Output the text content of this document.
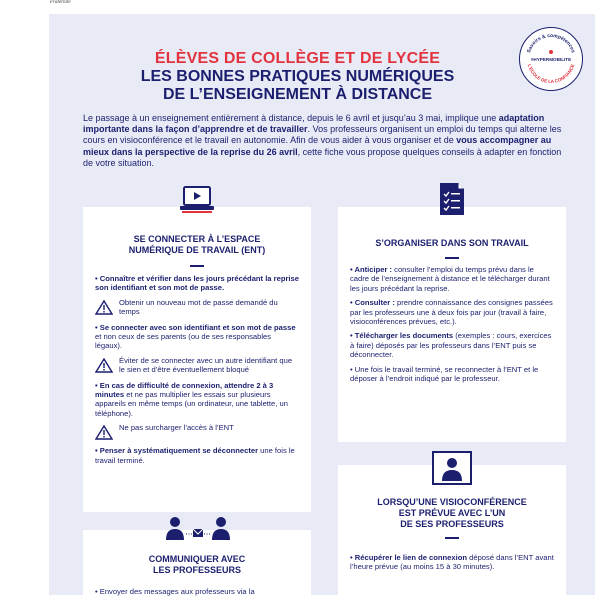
Fraternité
ÉLÈVES DE COLLÈGE ET DE LYCÉE
LES BONNES PRATIQUES NUMÉRIQUES
DE L’ENSEIGNEMENT À DISTANCE
Savoirs & compétences
L’ÉCOLE DE LA CONFIANCE
#HYPERMOBILITE
Le passage à un enseignement entièrement à distance, depuis le 6 avril et jusqu’au 3 mai, implique une adaptation importante dans la façon d’apprendre et de travailler. Vos professeurs organisent un emploi du temps qui alterne les cours en visioconférence et le travail en autonomie. Afin de vous aider à vous organiser et de vous accompagner au mieux dans la perspective de la reprise du 26 avril, cette fiche vous propose quelques conseils à adapter en fonction de votre situation.
SE CONNECTER À L’ESPACE
NUMÉRIQUE DE TRAVAIL (ENT)

• Connaître et vérifier dans les jours précédant la reprise son identifiant et son mot de passe.

Obtenir un nouveau mot de passe demandé du temps

• Se connecter avec son identifiant et son mot de passe et non ceux de ses parents (ou de ses responsables légaux).

Éviter de se connecter avec un autre identifiant que le sien et d’être éventuellement bloqué

• En cas de difficulté de connexion, attendre 2 à 3 minutes et ne pas multiplier les essais sur plusieurs appareils en même temps (un ordinateur, une tablette, un téléphone).

Ne pas surcharger l’accès à l’ENT

• Penser à systématiquement se déconnecter une fois le travail terminé.

S’ORGANISER DANS SON TRAVAIL

• Anticiper : consulter l’emploi du temps prévu dans le cadre de l’enseignement à distance et le télécharger durant les jours précédant la reprise.

• Consulter : prendre connaissance des consignes passées par les professeurs une à deux fois par jour (travail à faire, visioconférences prévues, etc.).

• Télécharger les documents (exemples : cours, exercices à faire) déposés par les professeurs dans l’ENT puis se déconnecter.

• Une fois le travail terminé, se reconnecter à l’ENT et le déposer à l’endroit indiqué par le professeur.

COMMUNIQUER AVEC
LES PROFESSEURS

• Envoyer des messages aux professeurs via la

LORSQU’UNE VISIOCONFÉRENCE
EST PRÉVUE AVEC L’UN
DE SES PROFESSEURS

• Récupérer le lien de connexion déposé dans l’ENT avant l’heure prévue (au moins 15 à 30 minutes).
